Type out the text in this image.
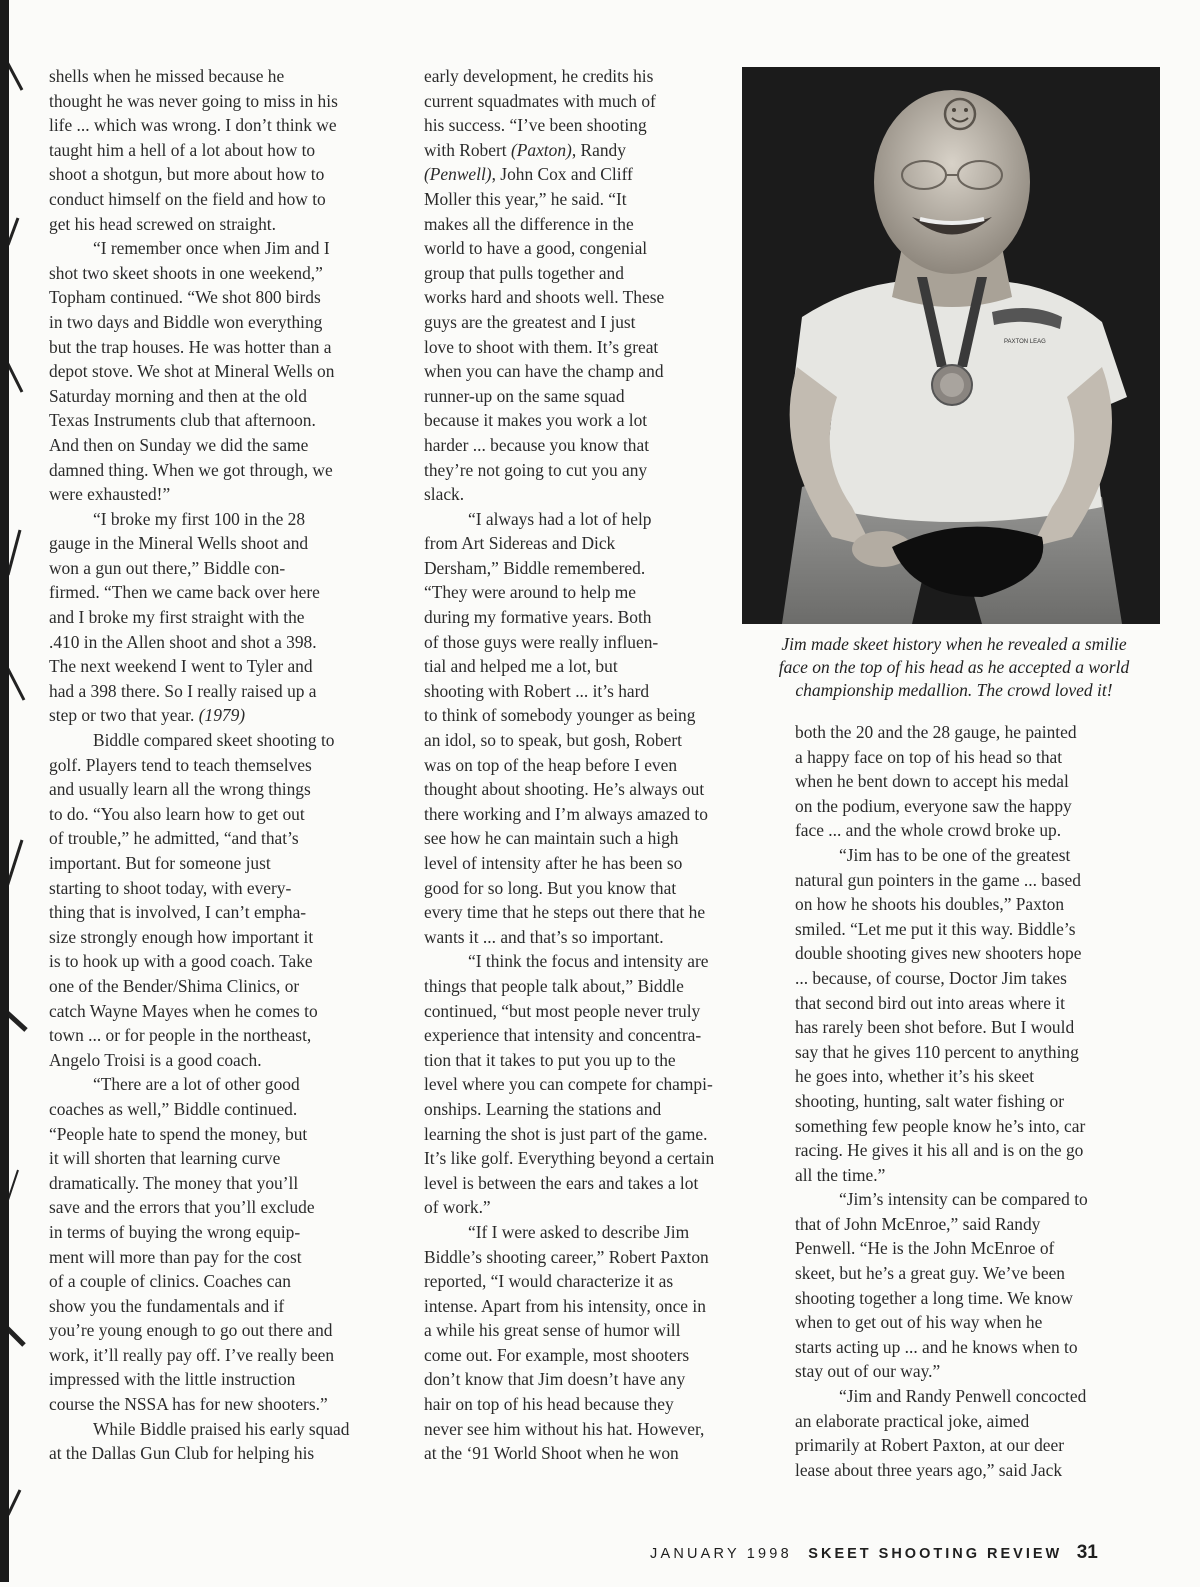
shells when he missed because he

thought he was never going to miss in his

life ... which was wrong. I don’t think we

taught him a hell of a lot about how to

shoot a shotgun, but more about how to

conduct himself on the field and how to

get his head screwed on straight.

“I remember once when Jim and I

shot two skeet shoots in one weekend,”

Topham continued. “We shot 800 birds

in two days and Biddle won everything

but the trap houses. He was hotter than a

depot stove. We shot at Mineral Wells on

Saturday morning and then at the old

Texas Instruments club that afternoon.

And then on Sunday we did the same

damned thing. When we got through, we

were exhausted!”

“I broke my first 100 in the 28

gauge in the Mineral Wells shoot and

won a gun out there,” Biddle con-

firmed. “Then we came back over here

and I broke my first straight with the

.410 in the Allen shoot and shot a 398.

The next weekend I went to Tyler and

had a 398 there. So I really raised up a

step or two that year. (1979)

Biddle compared skeet shooting to

golf. Players tend to teach themselves

and usually learn all the wrong things

to do. “You also learn how to get out

of trouble,” he admitted, “and that’s

important. But for someone just

starting to shoot today, with every-

thing that is involved, I can’t empha-

size strongly enough how important it

is to hook up with a good coach. Take

one of the Bender/Shima Clinics, or

catch Wayne Mayes when he comes to

town ... or for people in the northeast,

Angelo Troisi is a good coach.

“There are a lot of other good

coaches as well,” Biddle continued.

“People hate to spend the money, but

it will shorten that learning curve

dramatically. The money that you’ll

save and the errors that you’ll exclude

in terms of buying the wrong equip-

ment will more than pay for the cost

of a couple of clinics. Coaches can

show you the fundamentals and if

you’re young enough to go out there and

work, it’ll really pay off. I’ve really been

impressed with the little instruction

course the NSSA has for new shooters.”

While Biddle praised his early squad

at the Dallas Gun Club for helping his

early development, he credits his

current squadmates with much of

his success. “I’ve been shooting

with Robert (Paxton), Randy

(Penwell), John Cox and Cliff

Moller this year,” he said. “It

makes all the difference in the

world to have a good, congenial

group that pulls together and

works hard and shoots well. These

guys are the greatest and I just

love to shoot with them. It’s great

when you can have the champ and

runner-up on the same squad

because it makes you work a lot

harder ... because you know that

they’re not going to cut you any

slack.

“I always had a lot of help

from Art Sidereas and Dick

Dersham,” Biddle remembered.

“They were around to help me

during my formative years. Both

of those guys were really influen-

tial and helped me a lot, but

shooting with Robert ... it’s hard

to think of somebody younger as being

an idol, so to speak, but gosh, Robert

was on top of the heap before I even

thought about shooting. He’s always out

there working and I’m always amazed to

see how he can maintain such a high

level of intensity after he has been so

good for so long. But you know that

every time that he steps out there that he

wants it ... and that’s so important.

“I think the focus and intensity are

things that people talk about,” Biddle

continued, “but most people never truly

experience that intensity and concentra-

tion that it takes to put you up to the

level where you can compete for champi-

onships. Learning the stations and

learning the shot is just part of the game.

It’s like golf. Everything beyond a certain

level is between the ears and takes a lot

of work.”

“If I were asked to describe Jim

Biddle’s shooting career,” Robert Paxton

reported, “I would characterize it as

intense. Apart from his intensity, once in

a while his great sense of humor will

come out. For example, most shooters

don’t know that Jim doesn’t have any

hair on top of his head because they

never see him without his hat. However,

at the ‘91 World Shoot when he won

both the 20 and the 28 gauge, he painted

a happy face on top of his head so that

when he bent down to accept his medal

on the podium, everyone saw the happy

face ... and the whole crowd broke up.

“Jim has to be one of the greatest

natural gun pointers in the game ... based

on how he shoots his doubles,” Paxton

smiled. “Let me put it this way. Biddle’s

double shooting gives new shooters hope

... because, of course, Doctor Jim takes

that second bird out into areas where it

has rarely been shot before. But I would

say that he gives 110 percent to anything

he goes into, whether it’s his skeet

shooting, hunting, salt water fishing or

something few people know he’s into, car

racing. He gives it his all and is on the go

all the time.”

“Jim’s intensity can be compared to

that of John McEnroe,” said Randy

Penwell. “He is the John McEnroe of

skeet, but he’s a great guy. We’ve been

shooting together a long time. We know

when to get out of his way when he

starts acting up ... and he knows when to

stay out of our way.”

“Jim and Randy Penwell concocted

an elaborate practical joke, aimed

primarily at Robert Paxton, at our deer

lease about three years ago,” said Jack

PAXTON LEAG

Jim made skeet history when he revealed a smilie

face on the top of his head as he accepted a world

championship medallion. The crowd loved it!

JANUARY 1998 SKEET SHOOTING REVIEW 31
